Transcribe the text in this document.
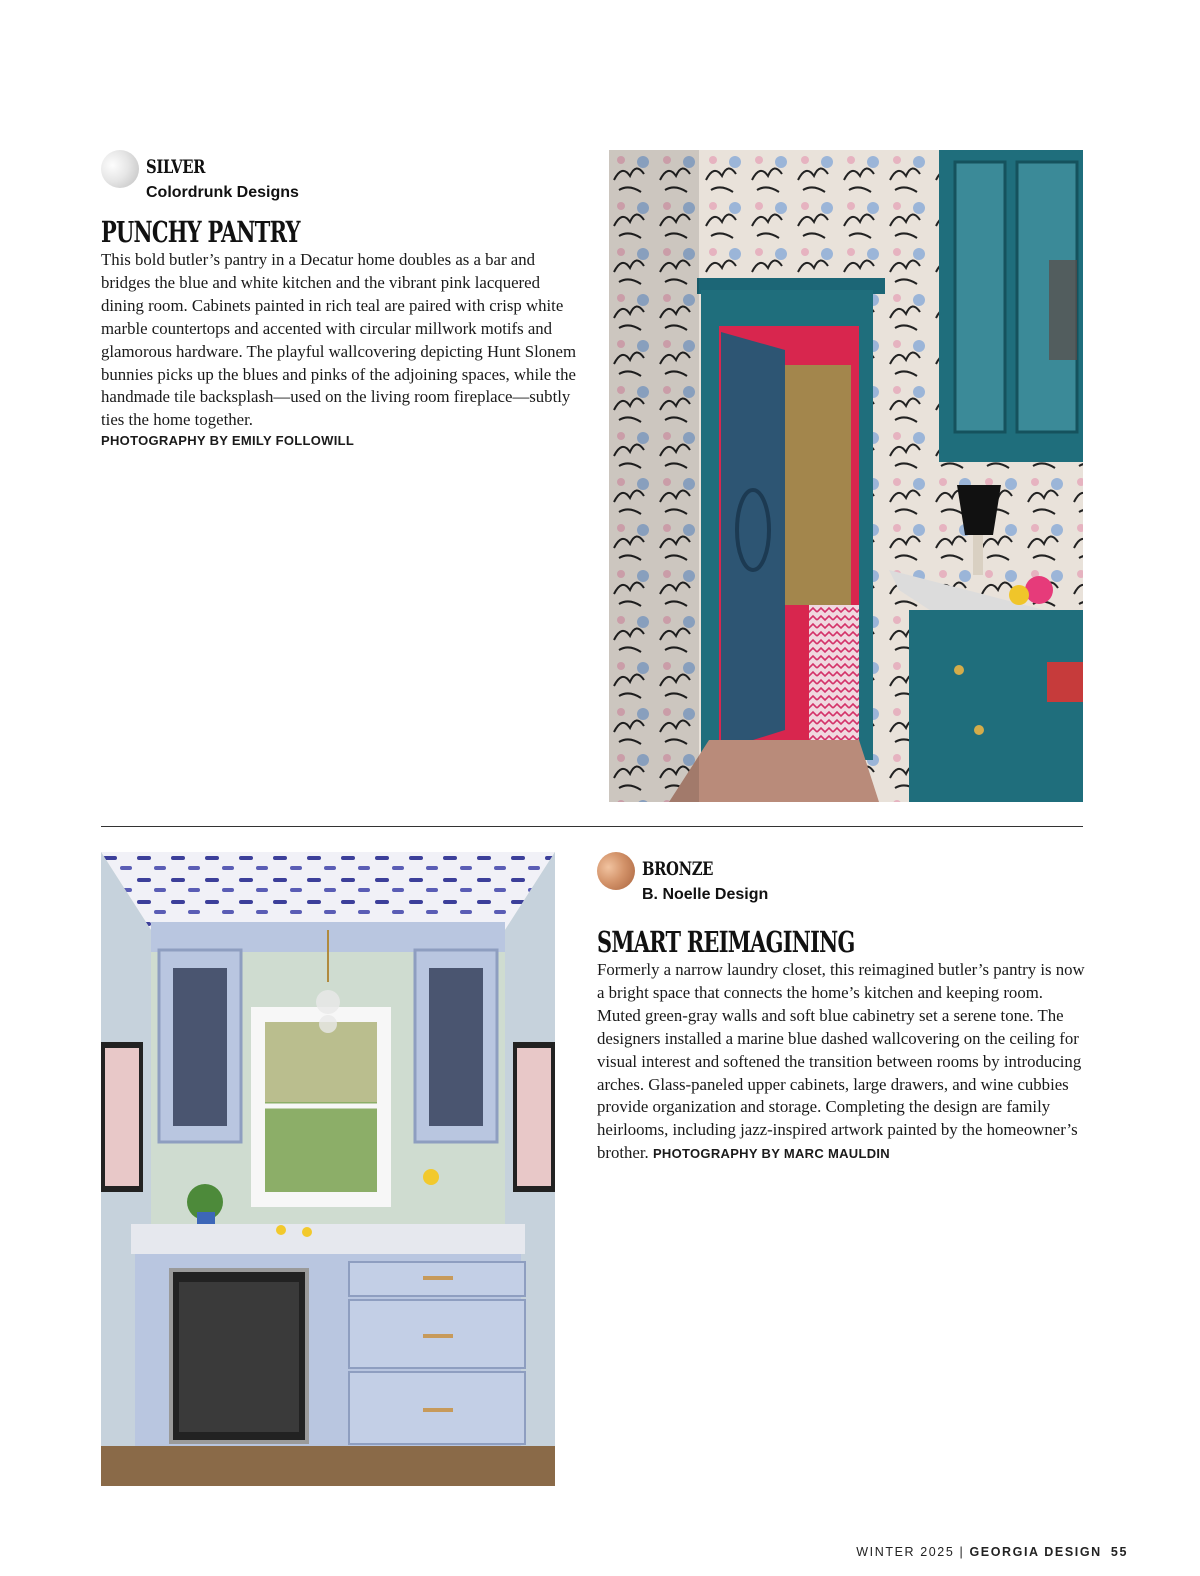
SILVER
Colordrunk Designs
PUNCHY PANTRY

This bold butler’s pantry in a Decatur home doubles as a bar and bridges the blue and white kitchen and the vibrant pink lacquered dining room. Cabinets painted in rich teal are paired with crisp white marble countertops and accented with circular millwork motifs and glamorous hardware. The playful wallcovering depicting Hunt Slonem bunnies picks up the blues and pinks of the adjoining spaces, while the handmade tile backsplash—used on the living room fireplace—subtly ties the home together.

PHOTOGRAPHY BY EMILY FOLLOWILL
BRONZE
B. Noelle Design
SMART REIMAGINING

Formerly a narrow laundry closet, this reimagined butler’s pantry is now a bright space that connects the home’s kitchen and keeping room. Muted green-gray walls and soft blue cabinetry set a serene tone. The designers installed a marine blue dashed wallcovering on the ceiling for visual interest and softened the transition between rooms by introducing arches. Glass-paneled upper cabinets, large drawers, and wine cubbies provide organization and storage. Completing the design are family heirlooms, including jazz-inspired artwork painted by the homeowner’s brother. PHOTOGRAPHY BY MARC MAULDIN

WINTER 2025 | GEORGIA DESIGN 55
